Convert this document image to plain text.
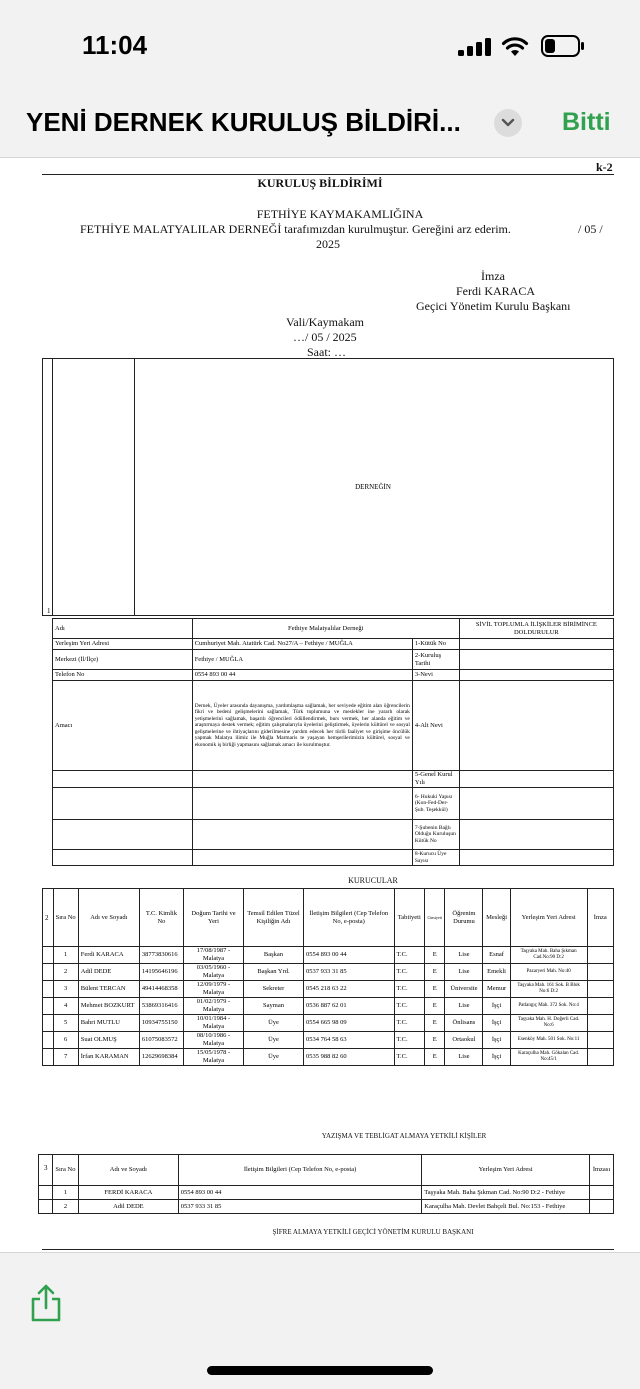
11:04
YENİ DERNEK KURULUŞ BİLDİRİ...	Bitti
k-2
KURULUŞ BİLDİRİMİ
FETHİYE KAYMAKAMLIĞINA
FETHİYE MALATYALILAR DERNEĞİ tarafımızdan kurulmuştur. Gereğini arz ederim.	/ 05 /
2025
İmza
Ferdi KARACA
Geçici Yönetim Kurulu Başkanı
Vali/Kaymakam
…/ 05 / 2025
Saat: …
1
DERNEĞİN
Adı	Fethiye Malatyalılar Derneği		SİVİL TOPLUMLA İLİŞKİLER BİRİMİNCE DOLDURULUR
Yerleşim Yeri Adresi	Cumhuriyet Mah. Atatürk Cad. No27/A – Fethiye / MUĞLA	1-Kütük No	
Merkezi (İl/İlçe)	Fethiye / MUĞLA	2-Kuruluş Tarihi	
Telefon No	0554 893 00 44	3-Nevi	
Amacı	Dernek, Üyeler arasında dayanışma, yardımlaşma sağlamak, her seviyede eğitim alan öğrencilerin fikri ve bedeni gelişmelerini sağlamak, Türk toplumuna ve meslekler ine yararlı olarak yetişmelerini sağlamak, başarılı öğrencileri ödüllendirmek, burs vermek, her alanda eğitim ve araştırmaya destek vermek; eğitim çalışmalarıyla üyelerini geliştirmek, üyelerin kültürel ve sosyal gelişmelerine ve ihtiyaçlarını giderilmesine yardım edecek her türlü faaliyet ve girişime öncülük yapmak Malatya ilimiz ile Muğla Marmaris te yaşayan hemşerilerimizin kültürel, sosyal ve ekonomik iş birliği yapmasını sağlamak amacı ile kurulmuştur.	4-Alt Nevi	
		5-Genel Kurul Yılı	
		6- Hukuki Yapısı (Kon-Fed-Der-Şub. Teşekkül)	
		7-Şubenin Bağlı Olduğu Kuruluşun Kütük No	
		8-Kurucu Üye Sayısı	
KURUCULAR
2
	Sıra No	Adı ve Soyadı	T.C. Kimlik No	Doğum Tarihi ve Yeri	Temsil Edilen Tüzel Kişiliğin Adı	İletişim Bilgileri (Cep Telefon No, e-posta)	Tabiiyeti	Cinsiyeti	Öğrenim Durumu	Mesleği	Yerleşim Yeri Adresi	İmza
	1	Ferdi KARACA	38773830616	17/08/1987 - Malatya	Başkan	0554 893 00 44	T.C.	E	Lise	Esnaf	Taşyaka Mah. Baha Şıkman Cad.No:90 D:2	
	2	Adil DEDE	14195646196	03/05/1960 - Malatya	Başkan Yrd.	0537 933 31 85	T.C.	E	Lise	Emekli	Pazaryeri Mah. No:40	
	3	Bülent TERCAN	49414468358	12/09/1979 - Malatya	Sekreter	0545 218 63 22	T.C.	E	Üniversite	Memur	Taşyaka Mah. 161 Sok. B Blok No:6 D:2	
	4	Mehmet BOZKURT	53869316416	01/02/1979 - Malatya	Sayman	0536 887 62 01	T.C.	E	Lise	İşçi	Patlangıç Mah. 372 Sok. No:4	
	5	Bahri MUTLU	10934755150	10/01/1984 - Malatya	Üye	0554 665 98 09	T.C.	E	Önlisans	İşçi	Taşyaka Mah. H. Doğerli Cad. No:6	
	6	Suat OLMUŞ	61075083572	08/10/1986 - Malatya	Üye	0534 764 58 63	T.C.	E	Ortaokul	İşçi	Esenköy Mah. 501 Sok. No:11	
	7	İrfan KARAMAN	12629698384	15/05/1978 - Malatya	Üye	0535 988 82 60	T.C.	E	Lise	İşçi	Karaçulha Mah. Gökalan Cad. No:45/1	
YAZIŞMA VE TEBLİGAT ALMAYA YETKİLİ KİŞİLER
3
	Sıra No	Adı ve Soyadı	İletişim Bilgileri (Cep Telefon No, e-posta)	Yerleşim Yeri Adresi	İmzası
	1	FERDİ KARACA	0554 893 00 44	Taşyaka Mah. Baha Şıkman Cad. No:90 D:2 - Fethiye	
	2	Adil DEDE	0537 933 31 85	Karaçulha Mah. Devlet Bahçeli Bul. No:153 - Fethiye	
ŞİFRE ALMAYA YETKİLİ GEÇİCİ YÖNETİM KURULU BAŞKANI
